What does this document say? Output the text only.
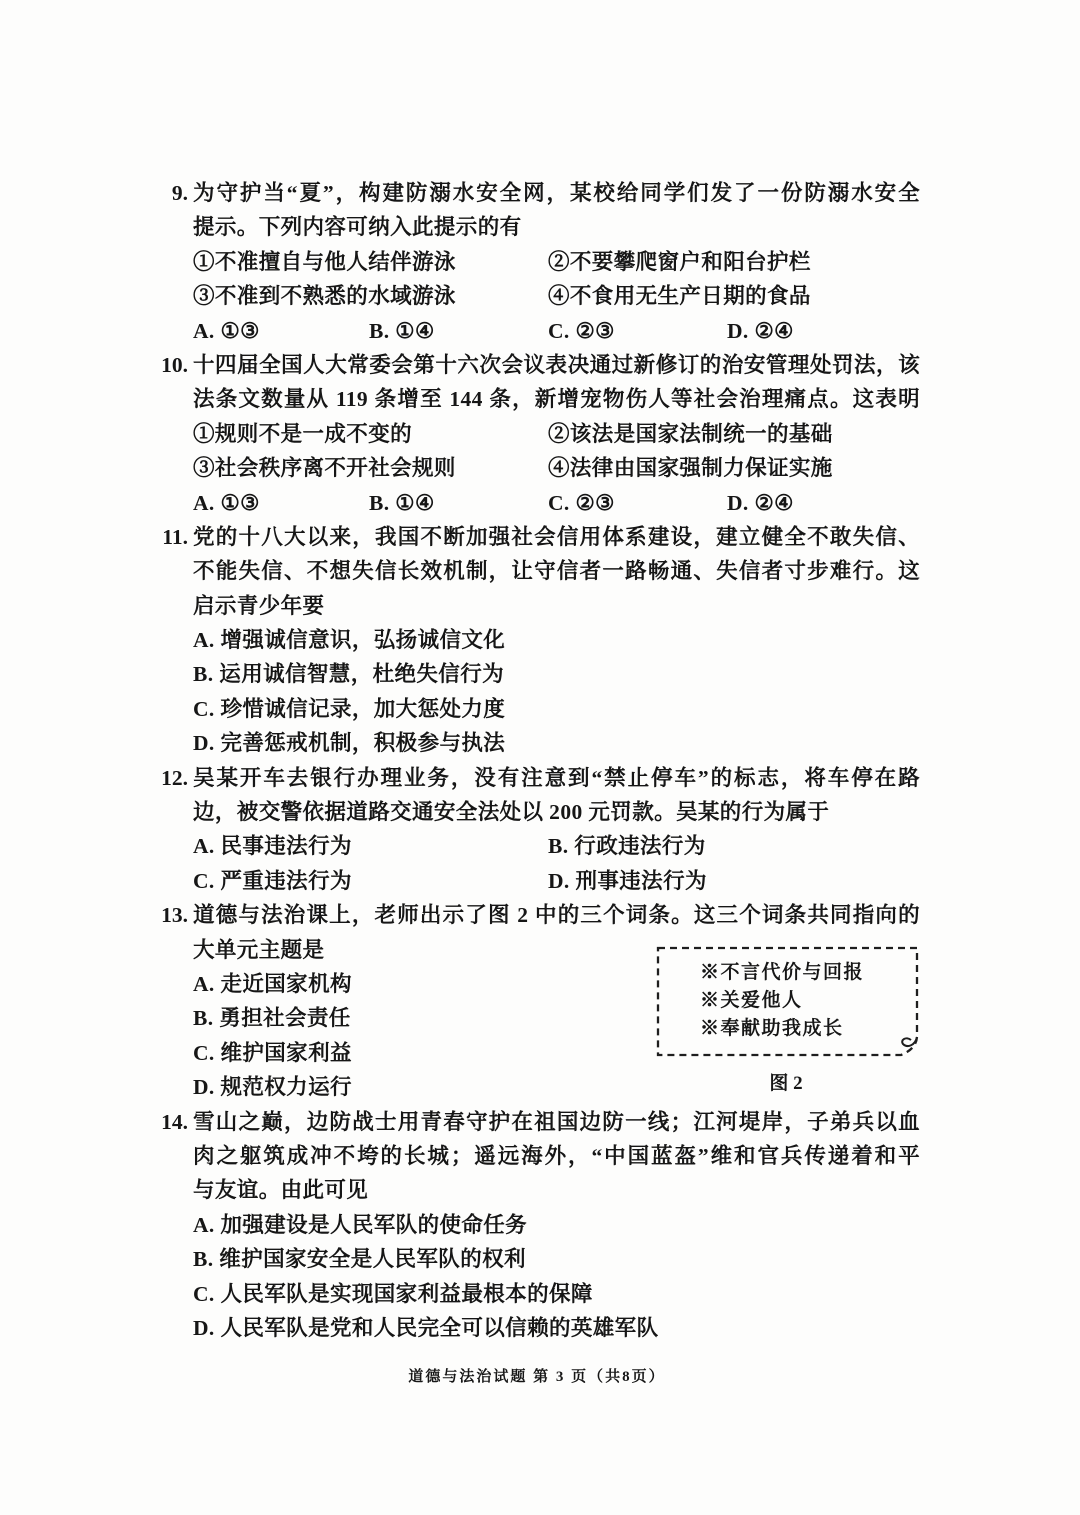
9. 为守护当“夏”，构建防溺水安全网，某校给同学们发了一份防溺水安全
提示。下列内容可纳入此提示的有
①不准擅自与他人结伴游泳	②不要攀爬窗户和阳台护栏
③不准到不熟悉的水域游泳	④不食用无生产日期的食品
A. ①③	B. ①④	C. ②③	D. ②④
10. 十四届全国人大常委会第十六次会议表决通过新修订的治安管理处罚法，该
法条文数量从 119 条增至 144 条，新增宠物伤人等社会治理痛点。这表明
①规则不是一成不变的	②该法是国家法制统一的基础
③社会秩序离不开社会规则	④法律由国家强制力保证实施
A. ①③	B. ①④	C. ②③	D. ②④
11. 党的十八大以来，我国不断加强社会信用体系建设，建立健全不敢失信、
不能失信、不想失信长效机制，让守信者一路畅通、失信者寸步难行。这
启示青少年要
A. 增强诚信意识，弘扬诚信文化
B. 运用诚信智慧，杜绝失信行为
C. 珍惜诚信记录，加大惩处力度
D. 完善惩戒机制，积极参与执法
12. 吴某开车去银行办理业务，没有注意到“禁止停车”的标志，将车停在路
边，被交警依据道路交通安全法处以 200 元罚款。吴某的行为属于
A. 民事违法行为	B. 行政违法行为
C. 严重违法行为	D. 刑事违法行为
13. 道德与法治课上，老师出示了图 2 中的三个词条。这三个词条共同指向的
大单元主题是
A. 走近国家机构
B. 勇担社会责任
C. 维护国家利益
D. 规范权力运行
14. 雪山之巅，边防战士用青春守护在祖国边防一线；江河堤岸，子弟兵以血
肉之躯筑成冲不垮的长城；遥远海外，“中国蓝盔”维和官兵传递着和平
与友谊。由此可见
A. 加强建设是人民军队的使命任务
B. 维护国家安全是人民军队的权利
C. 人民军队是实现国家利益最根本的保障
D. 人民军队是党和人民完全可以信赖的英雄军队
※不言代价与回报
※关爱他人
※奉献助我成长
图 2
道德与法治试题 第 3 页（共8页）
